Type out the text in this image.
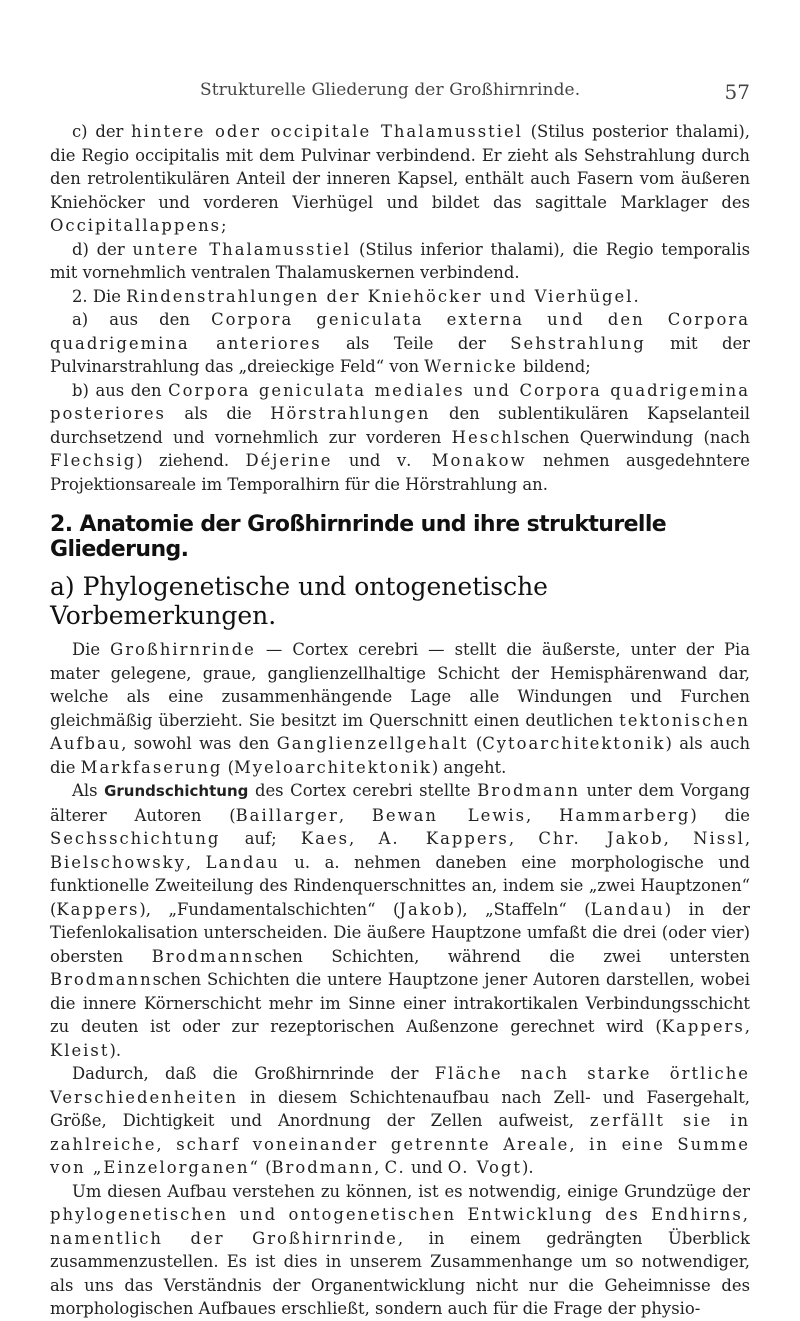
Strukturelle Gliederung der Großhirnrinde.	57

c) der hintere oder occipitale Thalamusstiel (Stilus posterior thalami), die Regio occipitalis mit dem Pulvinar verbindend. Er zieht als Sehstrahlung durch den retrolentikulären Anteil der inneren Kapsel, enthält auch Fasern vom äußeren Kniehöcker und vorderen Vierhügel und bildet das sagittale Marklager des Occipitallappens;

d) der untere Thalamusstiel (Stilus inferior thalami), die Regio temporalis mit vornehmlich ventralen Thalamuskernen verbindend.

2. Die Rindenstrahlungen der Kniehöcker und Vierhügel.

a) aus den Corpora geniculata externa und den Corpora quadrigemina anteriores als Teile der Sehstrahlung mit der Pulvinarstrahlung das „dreieckige Feld“ von Wernicke bildend;

b) aus den Corpora geniculata mediales und Corpora quadrigemina posteriores als die Hörstrahlungen den sublentikulären Kapselanteil durchsetzend und vornehmlich zur vorderen Heschlschen Querwindung (nach Flechsig) ziehend. Déjerine und v. Monakow nehmen ausgedehntere Projektionsareale im Temporalhirn für die Hörstrahlung an.

2. Anatomie der Großhirnrinde und ihre strukturelle Gliederung.
a) Phylogenetische und ontogenetische Vorbemerkungen.

Die Großhirnrinde — Cortex cerebri — stellt die äußerste, unter der Pia mater gelegene, graue, ganglienzellhaltige Schicht der Hemisphärenwand dar, welche als eine zusammenhängende Lage alle Windungen und Furchen gleichmäßig überzieht. Sie besitzt im Querschnitt einen deutlichen tektonischen Aufbau, sowohl was den Ganglienzellgehalt (Cytoarchitektonik) als auch die Markfaserung (Myeloarchitektonik) angeht.

Als Grundschichtung des Cortex cerebri stellte Brodmann unter dem Vorgang älterer Autoren (Baillarger, Bewan Lewis, Hammarberg) die Sechsschichtung auf; Kaes, A. Kappers, Chr. Jakob, Nissl, Bielschowsky, Landau u. a. nehmen daneben eine morphologische und funktionelle Zweiteilung des Rindenquerschnittes an, indem sie „zwei Hauptzonen“ (Kappers), „Fundamentalschichten“ (Jakob), „Staffeln“ (Landau) in der Tiefenlokalisation unterscheiden. Die äußere Hauptzone umfaßt die drei (oder vier) obersten Brodmannschen Schichten, während die zwei untersten Brodmannschen Schichten die untere Hauptzone jener Autoren darstellen, wobei die innere Körnerschicht mehr im Sinne einer intrakortikalen Verbindungsschicht zu deuten ist oder zur rezeptorischen Außenzone gerechnet wird (Kappers, Kleist).

Dadurch, daß die Großhirnrinde der Fläche nach starke örtliche Verschiedenheiten in diesem Schichtenaufbau nach Zell- und Fasergehalt, Größe, Dichtigkeit und Anordnung der Zellen aufweist, zerfällt sie in zahlreiche, scharf voneinander getrennte Areale, in eine Summe von „Einzelorganen“ (Brodmann, C. und O. Vogt).

Um diesen Aufbau verstehen zu können, ist es notwendig, einige Grundzüge der phylogenetischen und ontogenetischen Entwicklung des Endhirns, namentlich der Großhirnrinde, in einem gedrängten Überblick zusammenzustellen. Es ist dies in unserem Zusammenhange um so notwendiger, als uns das Verständnis der Organentwicklung nicht nur die Geheimnisse des morphologischen Aufbaues erschließt, sondern auch für die Frage der physio-
